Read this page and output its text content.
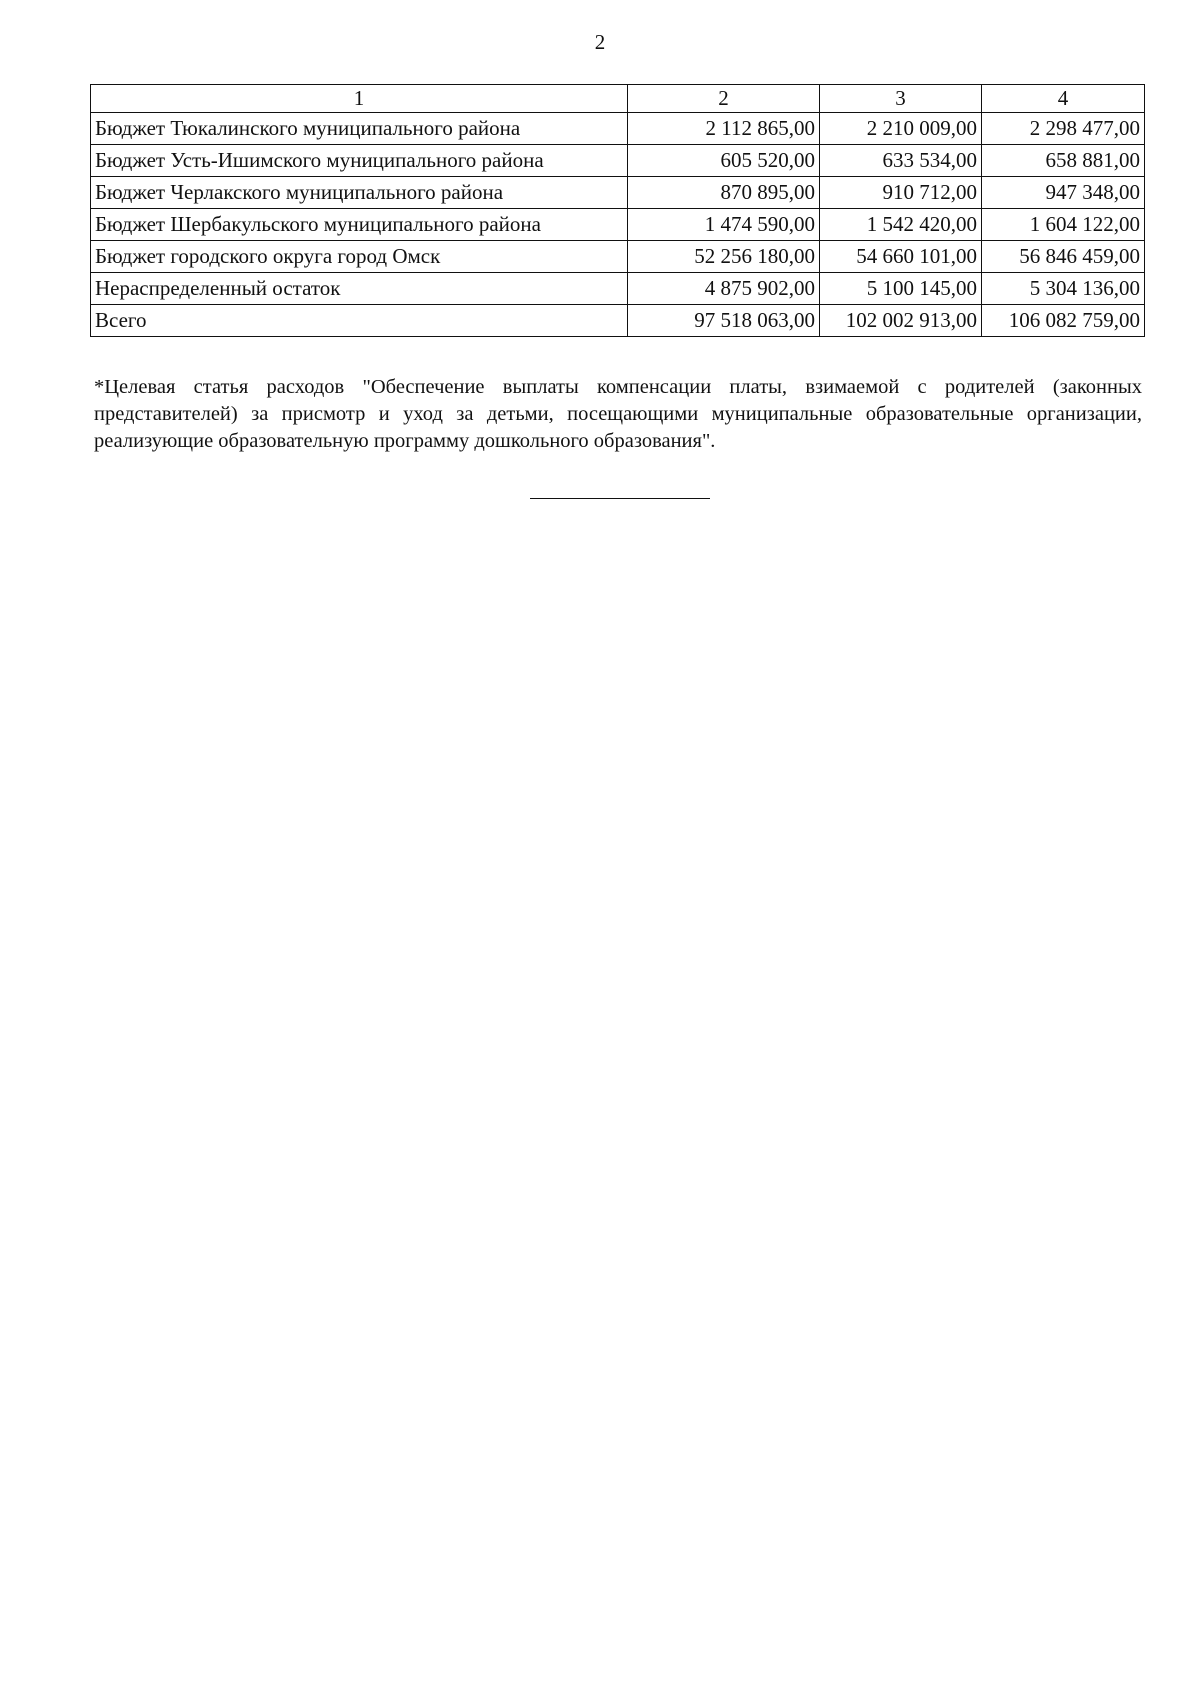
2
1	2	3	4
Бюджет Тюкалинского муниципального района	2 112 865,00	2 210 009,00	2 298 477,00
Бюджет Усть-Ишимского муниципального района	605 520,00	633 534,00	658 881,00
Бюджет Черлакского муниципального района	870 895,00	910 712,00	947 348,00
Бюджет Шербакульского муниципального района	1 474 590,00	1 542 420,00	1 604 122,00
Бюджет городского округа город Омск	52 256 180,00	54 660 101,00	56 846 459,00
Нераспределенный остаток	4 875 902,00	5 100 145,00	5 304 136,00
Всего	97 518 063,00	102 002 913,00	106 082 759,00
*Целевая статья расходов "Обеспечение выплаты компенсации платы, взимаемой с родителей (законных представителей) за присмотр и уход за детьми, посещающими муниципальные образовательные организации, реализующие образовательную программу дошкольного образования".
